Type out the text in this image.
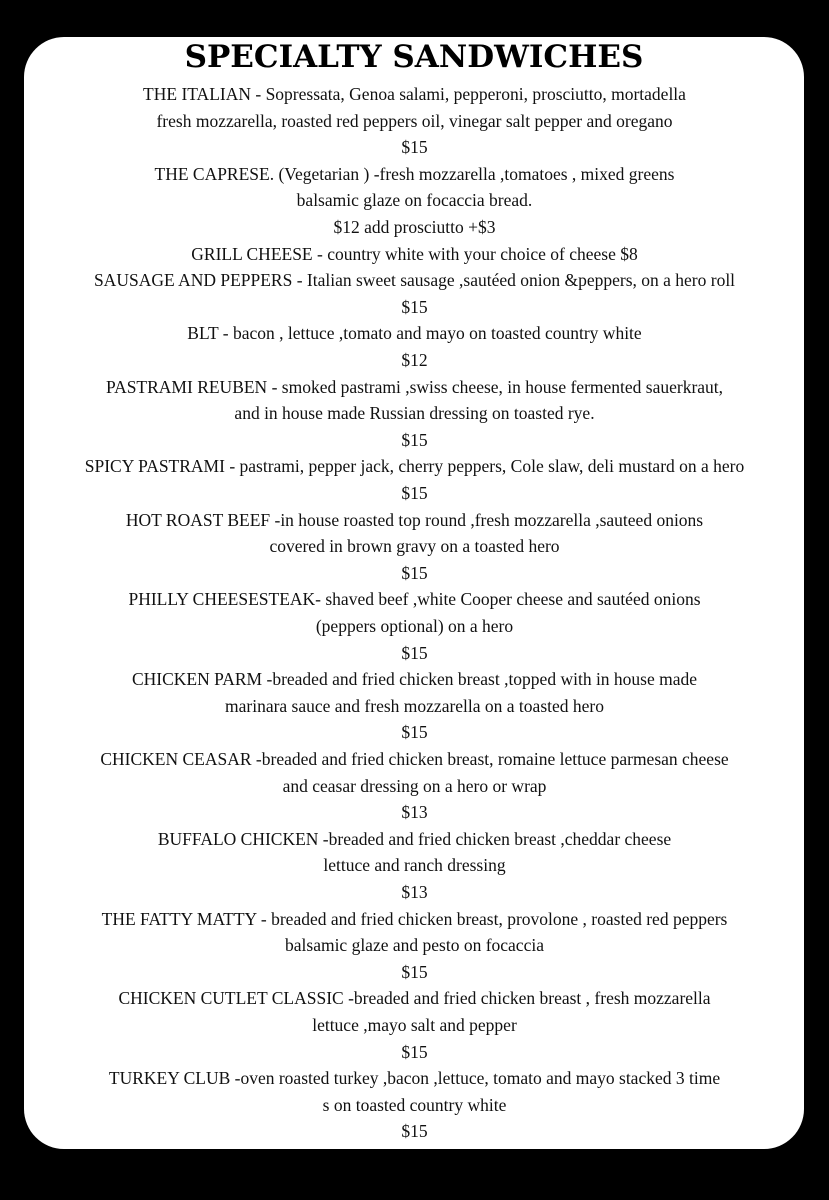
SPECIALTY SANDWICHES
THE ITALIAN - Sopressata, Genoa salami, pepperoni, prosciutto, mortadella
fresh mozzarella, roasted red peppers oil, vinegar salt pepper and oregano
$15
THE CAPRESE. (Vegetarian ) -fresh mozzarella ,tomatoes , mixed greens
balsamic glaze on focaccia bread.
$12 add prosciutto +$3
GRILL CHEESE - country white with your choice of cheese $8
SAUSAGE AND PEPPERS - Italian sweet sausage ,sautéed onion &peppers, on a hero roll
$15
BLT - bacon , lettuce ,tomato and mayo on toasted country white
$12
PASTRAMI REUBEN - smoked pastrami ,swiss cheese, in house fermented sauerkraut,
and in house made Russian dressing on toasted rye.
$15
SPICY PASTRAMI - pastrami, pepper jack, cherry peppers, Cole slaw, deli mustard on a hero
$15
HOT ROAST BEEF -in house roasted top round ,fresh mozzarella ,sauteed onions
covered in brown gravy on a toasted hero
$15
PHILLY CHEESESTEAK- shaved beef ,white Cooper cheese and sautéed onions
(peppers optional) on a hero
$15
CHICKEN PARM -breaded and fried chicken breast ,topped with in house made
marinara sauce and fresh mozzarella on a toasted hero
$15
CHICKEN CEASAR -breaded and fried chicken breast, romaine lettuce parmesan cheese
and ceasar dressing on a hero or wrap
$13
BUFFALO CHICKEN -breaded and fried chicken breast ,cheddar cheese
lettuce and ranch dressing
$13
THE FATTY MATTY - breaded and fried chicken breast, provolone , roasted red peppers
balsamic glaze and pesto on focaccia
$15
CHICKEN CUTLET CLASSIC -breaded and fried chicken breast , fresh mozzarella
lettuce ,mayo salt and pepper
$15
TURKEY CLUB -oven roasted turkey ,bacon ,lettuce, tomato and mayo stacked 3 time
s on toasted country white
$15
